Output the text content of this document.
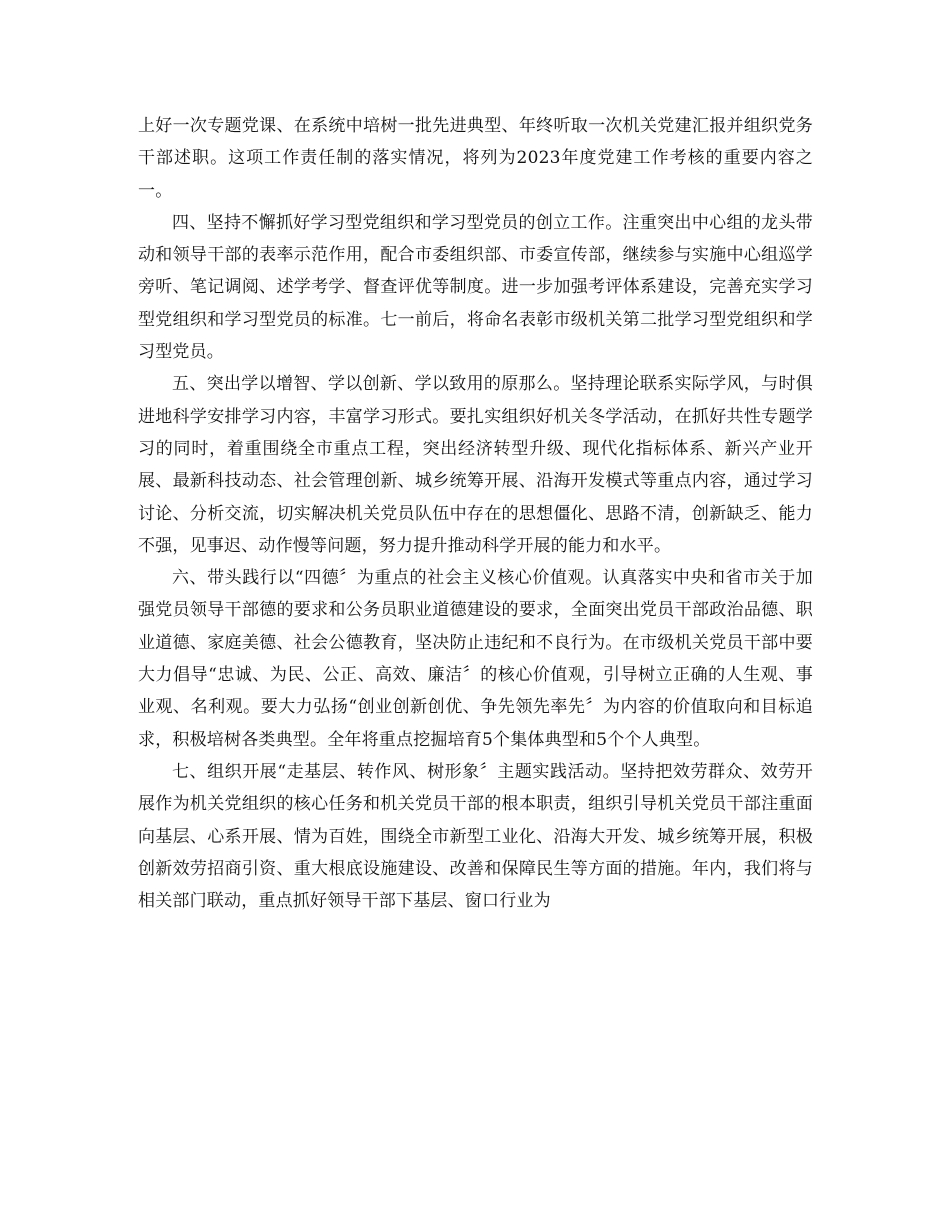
上好一次专题党课、在系统中培树一批先进典型、年终听取一次机关党建汇报并组织党务干部述职。这项工作责任制的落实情况，将列为2023年度党建工作考核的重要内容之一。

四、坚持不懈抓好学习型党组织和学习型党员的创立工作。注重突出中心组的龙头带动和领导干部的表率示范作用，配合市委组织部、市委宣传部，继续参与实施中心组巡学旁听、笔记调阅、述学考学、督查评优等制度。进一步加强考评体系建设，完善充实学习型党组织和学习型党员的标准。七一前后，将命名表彰市级机关第二批学习型党组织和学习型党员。

五、突出学以增智、学以创新、学以致用的原那么。坚持理论联系实际学风，与时俱进地科学安排学习内容，丰富学习形式。要扎实组织好机关冬学活动，在抓好共性专题学习的同时，着重围绕全市重点工程，突出经济转型升级、现代化指标体系、新兴产业开展、最新科技动态、社会管理创新、城乡统筹开展、沿海开发模式等重点内容，通过学习讨论、分析交流，切实解决机关党员队伍中存在的思想僵化、思路不清，创新缺乏、能力不强，见事迟、动作慢等问题，努力提升推动科学开展的能力和水平。

六、带头践行以“四德〞为重点的社会主义核心价值观。认真落实中央和省市关于加强党员领导干部德的要求和公务员职业道德建设的要求，全面突出党员干部政治品德、职业道德、家庭美德、社会公德教育，坚决防止违纪和不良行为。在市级机关党员干部中要大力倡导“忠诚、为民、公正、高效、廉洁〞的核心价值观，引导树立正确的人生观、事业观、名利观。要大力弘扬“创业创新创优、争先领先率先〞为内容的价值取向和目标追求，积极培树各类典型。全年将重点挖掘培育5个集体典型和5个个人典型。

七、组织开展“走基层、转作风、树形象〞主题实践活动。坚持把效劳群众、效劳开展作为机关党组织的核心任务和机关党员干部的根本职责，组织引导机关党员干部注重面向基层、心系开展、情为百姓，围绕全市新型工业化、沿海大开发、城乡统筹开展，积极创新效劳招商引资、重大根底设施建设、改善和保障民生等方面的措施。年内，我们将与相关部门联动，重点抓好领导干部下基层、窗口行业为
